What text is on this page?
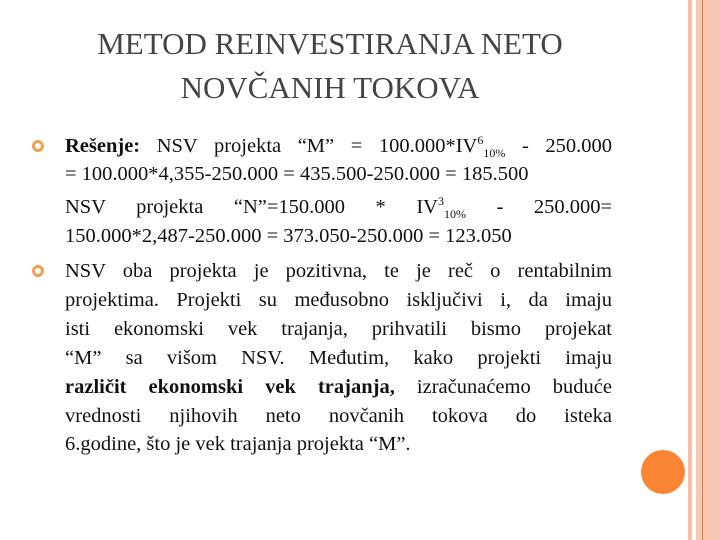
METOD REINVESTIRANJA NETO
NOVČANIH TOKOVA
Rešenje: NSV projekta “M” = $100.000*IV^6_{10\%} - 250.000$
= 100.000*4,355-250.000 = 435.500-250.000 = 185.500
NSV projekta “N”=150.000 * $IV^3_{10\%} - 250.000=$
150.000*2,487-250.000 = 373.050-250.000 = 123.050
NSV oba projekta je pozitivna, te je reč o rentabilnim
projektima. Projekti su međusobno isključivi i, da imaju
isti ekonomski vek trajanja, prihvatili bismo projekat
“M” sa višom NSV. Međutim, kako projekti imaju
različit ekonomski vek trajanja, izračunaćemo buduće
vrednosti njihovih neto novčanih tokova do isteka
6.godine, što je vek trajanja projekta “M”.
